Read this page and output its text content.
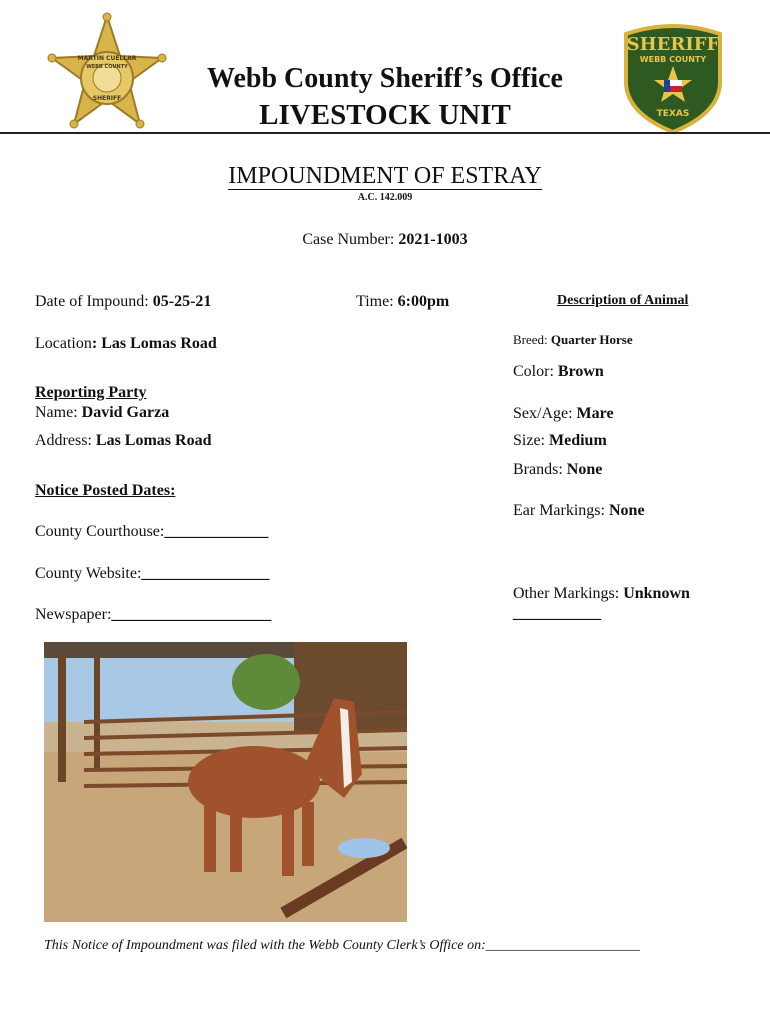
MARTIN CUELLAR
WEBB COUNTY
SHERIFF
SHERIFF
WEBB COUNTY
TEXAS
Webb County Sheriff’s Office
LIVESTOCK UNIT
IMPOUNDMENT OF ESTRAY
A.C. 142.009
Case Number: 2021-1003
Date of Impound: 05-25-21	Time: 6:00pm
Location: Las Lomas Road
Reporting Party
Name: David Garza
Address: Las Lomas Road
Notice Posted Dates:
County Courthouse:_____________
County Website:________________
Newspaper:____________________
Description of Animal
Breed: Quarter Horse
Color: Brown
Sex/Age: Mare
Size: Medium
Brands: None
Ear Markings: None
Other Markings: Unknown
___________
This Notice of Impoundment was filed with the Webb County Clerk’s Office on:______________________
